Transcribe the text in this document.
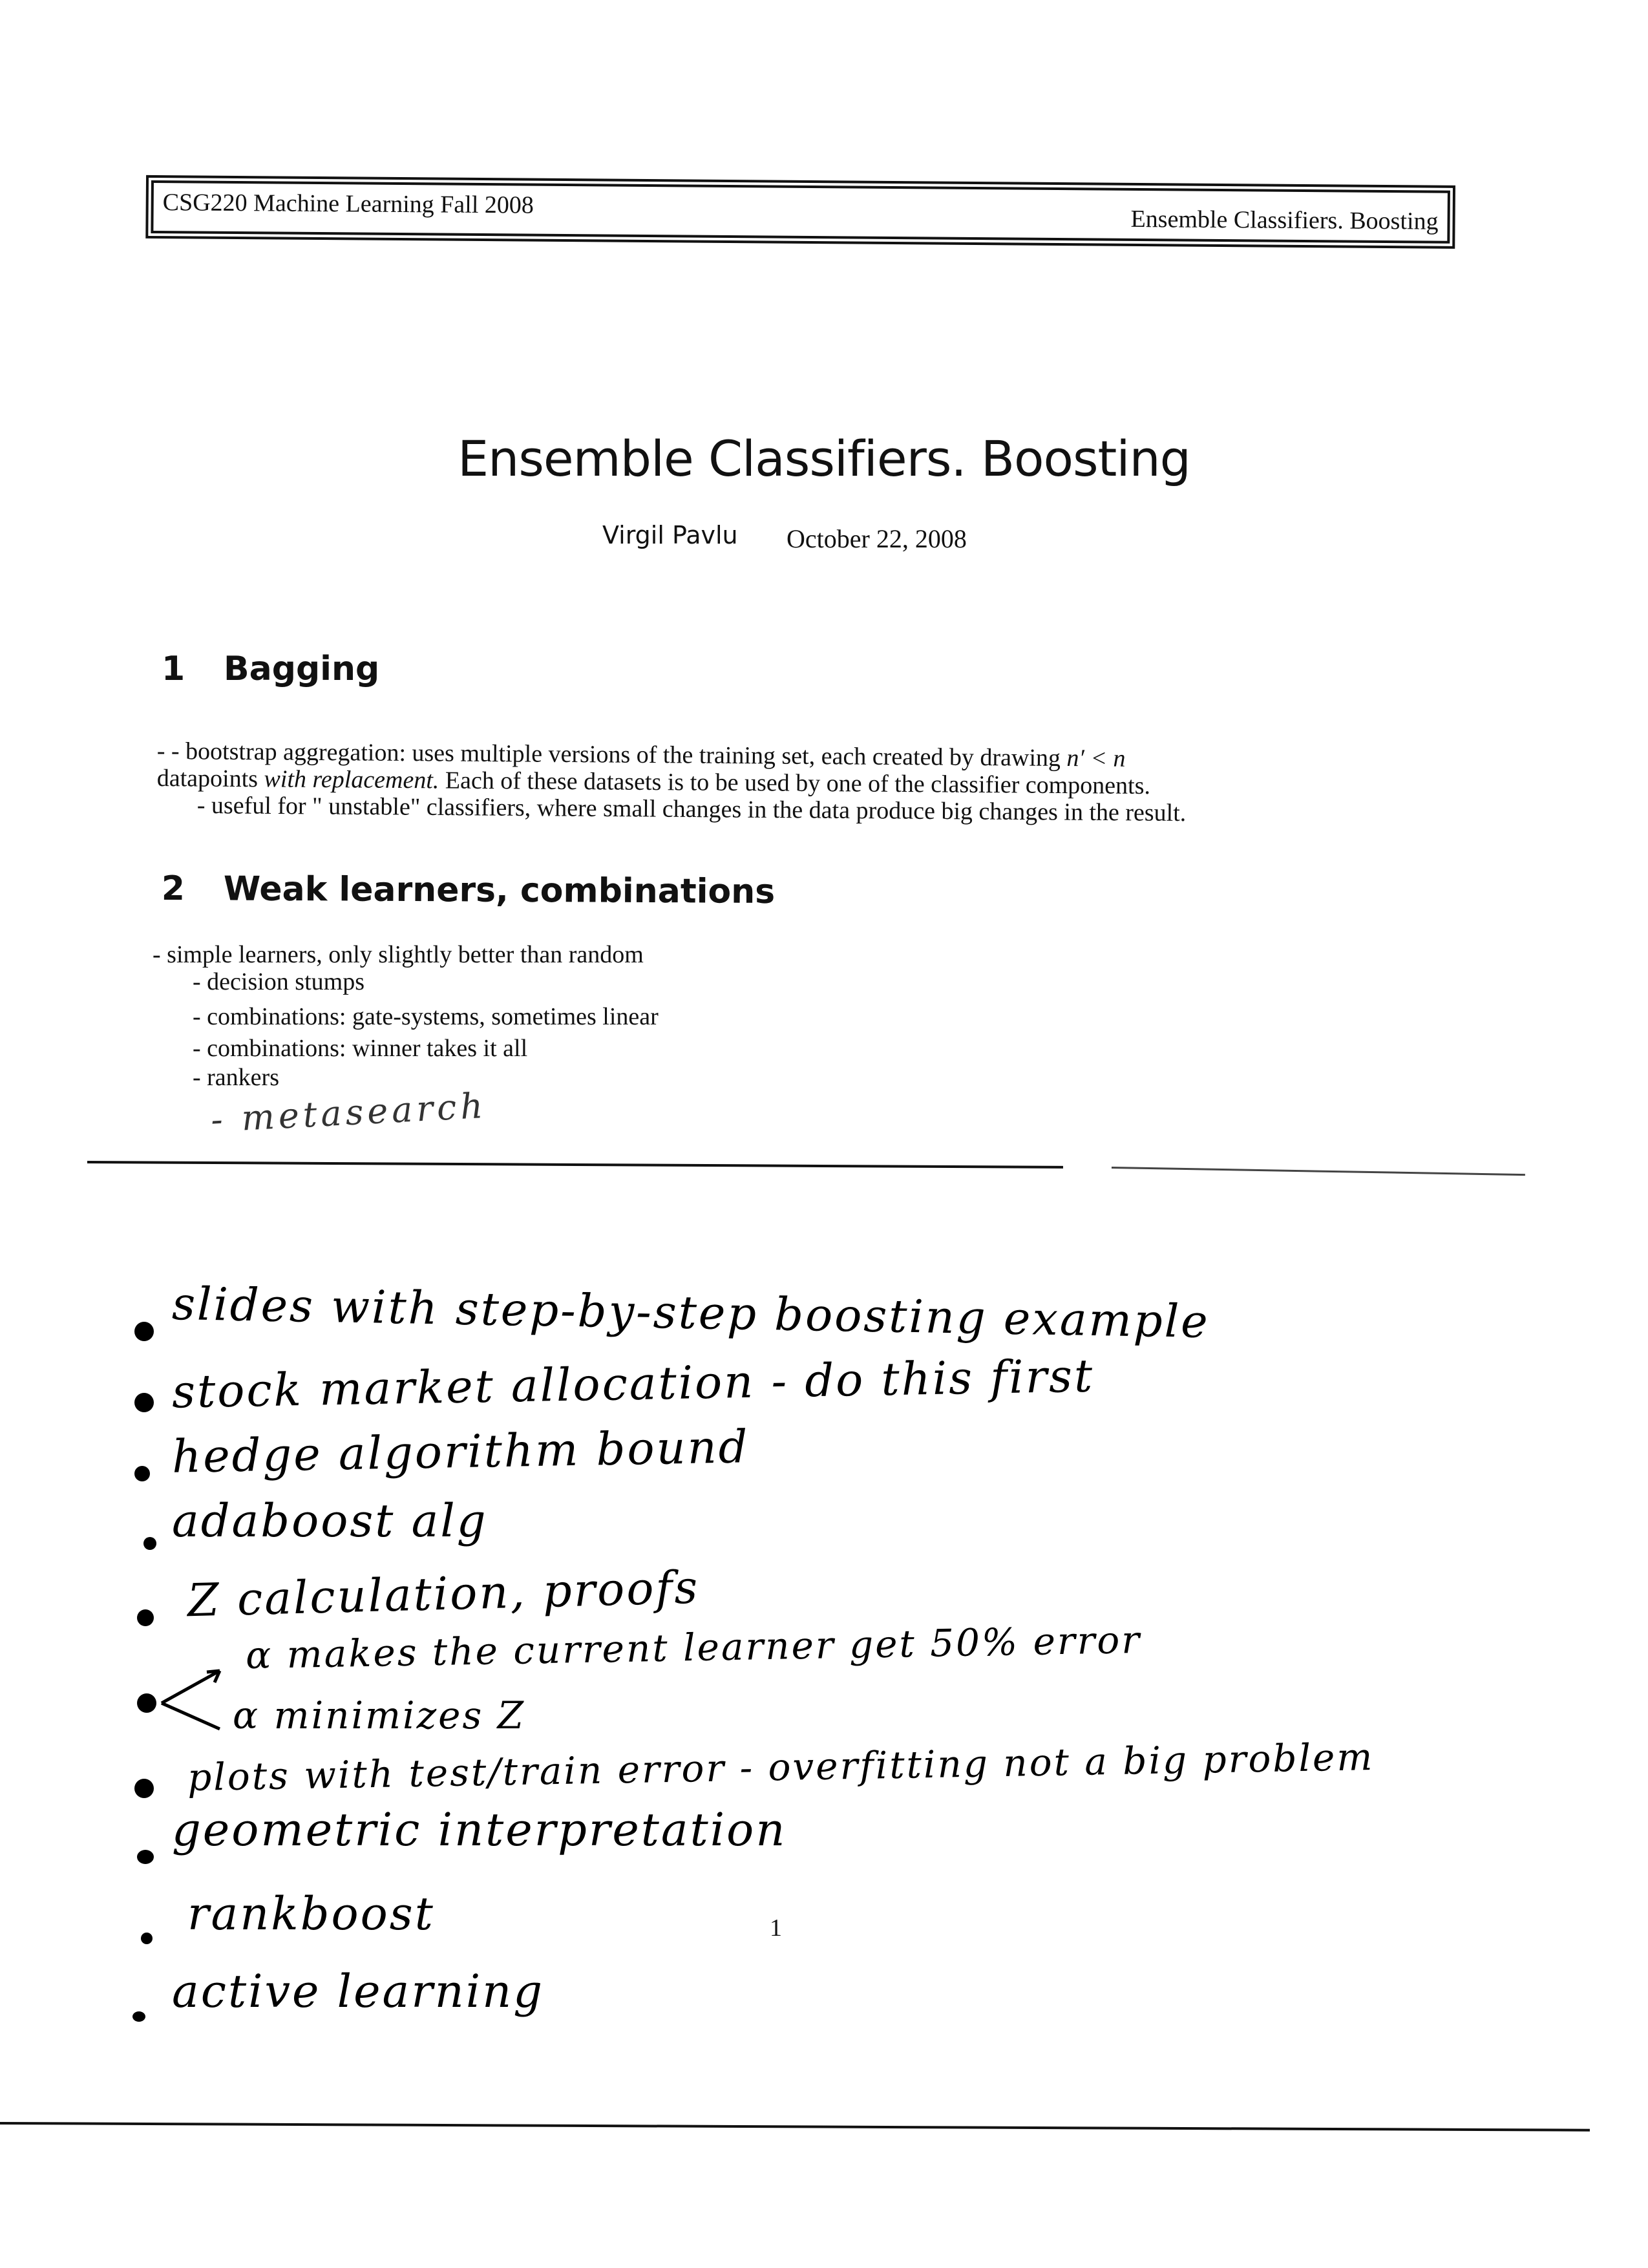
CSG220 Machine Learning Fall 2008
Ensemble Classifiers. Boosting
Ensemble Classifiers. Boosting
Virgil Pavlu October 22, 2008
1 Bagging
- - bootstrap aggregation: uses multiple versions of the training set, each created by drawing n′ < n
datapoints with replacement. Each of these datasets is to be used by one of the classifier components.
- useful for " unstable" classifiers, where small changes in the data produce big changes in the result.
2 Weak learners, combinations
- simple learners, only slightly better than random
- decision stumps
- combinations: gate-systems, sometimes linear
- combinations: winner takes it all
- rankers
- metasearch
slides with step-by-step boosting example
stock market allocation - do this first
hedge algorithm bound
adaboost alg
Z calculation, proofs
α makes the current learner get 50% error
α minimizes Z
plots with test/train error - overfitting not a big problem
geometric interpretation
rankboost
active learning
1
